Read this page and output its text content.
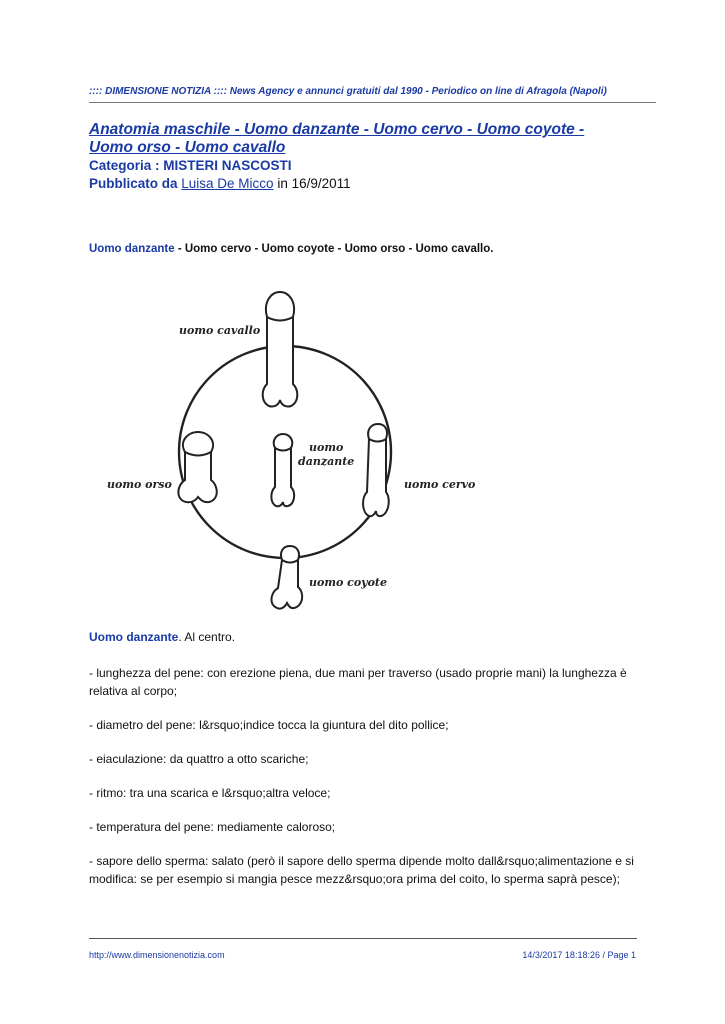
:::: DIMENSIONE NOTIZIA :::: News Agency e annunci gratuiti dal 1990 - Periodico on line di Afragola (Napoli)
Anatomia maschile - Uomo danzante - Uomo cervo - Uomo coyote - Uomo orso - Uomo cavallo
Categoria : MISTERI NASCOSTI
Pubblicato da Luisa De Micco in 16/9/2011
Uomo danzante - Uomo cervo - Uomo coyote - Uomo orso - Uomo cavallo.
uomo cavallo
uomo
danzante
uomo orso	uomo cervo
uomo coyote
Uomo danzante. Al centro.
- lunghezza del pene: con erezione piena, due mani per traverso (usado proprie mani) la lunghezza è relativa al corpo;
- diametro del pene: l&rsquo;indice tocca la giuntura del dito pollice;
- eiaculazione: da quattro a otto scariche;
- ritmo: tra una scarica e l&rsquo;altra veloce;
- temperatura del pene: mediamente caloroso;
- sapore dello sperma: salato (però il sapore dello sperma dipende molto dall&rsquo;alimentazione e si modifica: se per esempio si mangia pesce mezz&rsquo;ora prima del coito, lo sperma saprà pesce);
http://www.dimensionenotizia.com	14/3/2017 18:18:26 / Page 1
